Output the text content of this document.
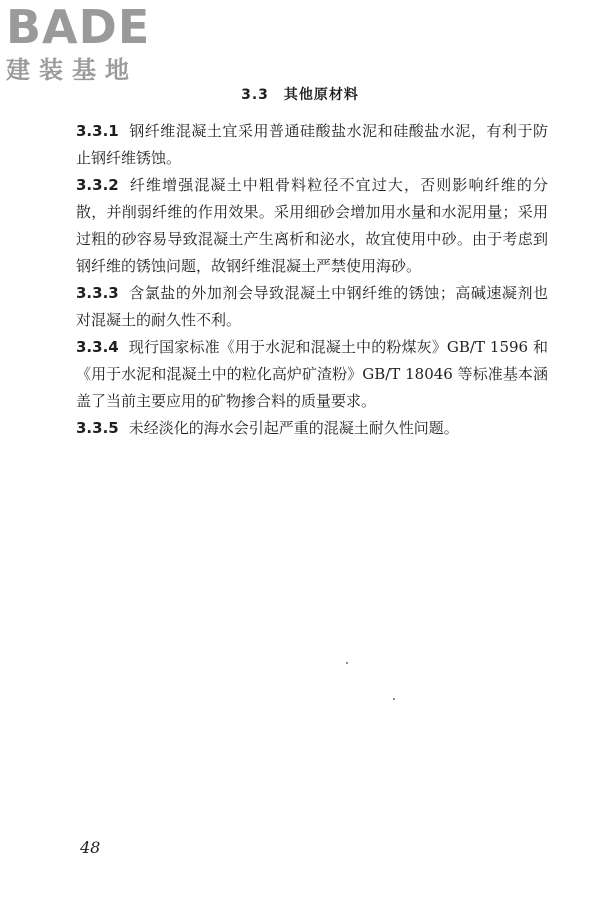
BADE
建装基地
3.3　其他原材料

3.3.1 钢纤维混凝土宜采用普通硅酸盐水泥和硅酸盐水泥，有利于防止钢纤维锈蚀。

3.3.2 纤维增强混凝土中粗骨料粒径不宜过大，否则影响纤维的分散，并削弱纤维的作用效果。采用细砂会增加用水量和水泥用量；采用过粗的砂容易导致混凝土产生离析和泌水，故宜使用中砂。由于考虑到钢纤维的锈蚀问题，故钢纤维混凝土严禁使用海砂。

3.3.3 含氯盐的外加剂会导致混凝土中钢纤维的锈蚀；高碱速凝剂也对混凝土的耐久性不利。

3.3.4 现行国家标准《用于水泥和混凝土中的粉煤灰》GB/T 1596 和《用于水泥和混凝土中的粒化高炉矿渣粉》GB/T 18046 等标准基本涵盖了当前主要应用的矿物掺合料的质量要求。

3.3.5 未经淡化的海水会引起严重的混凝土耐久性问题。

48
